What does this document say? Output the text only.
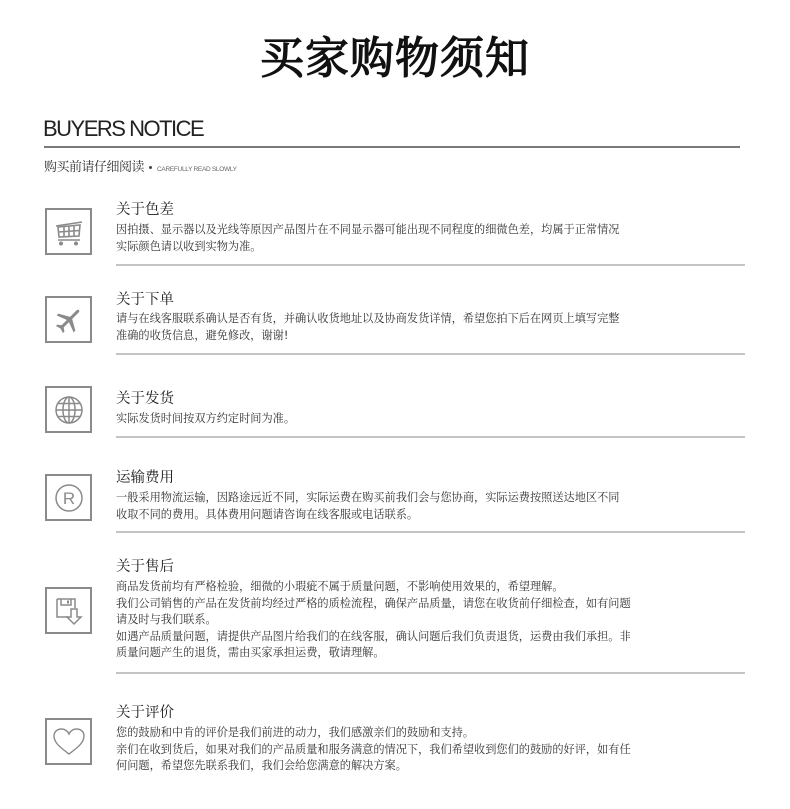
买家购物须知
BUYERS NOTICE
购买前请仔细阅读 CAREFULLY READ SLOWLY
关于色差

因拍摄、显示器以及光线等原因产品图片在不同显示器可能出现不同程度的细微色差，均属于正常情况

实际颜色请以收到实物为准。

关于下单

请与在线客服联系确认是否有货，并确认收货地址以及协商发货详情，希望您拍下后在网页上填写完整

准确的收货信息，避免修改，谢谢!

关于发货

实际发货时间按双方约定时间为准。

R
运输费用

一般采用物流运输，因路途远近不同，实际运费在购买前我们会与您协商，实际运费按照送达地区不同

收取不同的费用。具体费用问题请咨询在线客服或电话联系。

关于售后

商品发货前均有严格检验，细微的小瑕疵不属于质量问题，不影响使用效果的，希望理解。

我们公司销售的产品在发货前均经过严格的质检流程，确保产品质量，请您在收货前仔细检查，如有问题

请及时与我们联系。

如遇产品质量问题，请提供产品图片给我们的在线客服，确认问题后我们负责退货，运费由我们承担。非

质量问题产生的退货，需由买家承担运费，敬请理解。

关于评价

您的鼓励和中肯的评价是我们前进的动力，我们感激亲们的鼓励和支持。

亲们在收到货后，如果对我们的产品质量和服务满意的情况下，我们希望收到您们的鼓励的好评，如有任

何问题，希望您先联系我们，我们会给您满意的解决方案。
